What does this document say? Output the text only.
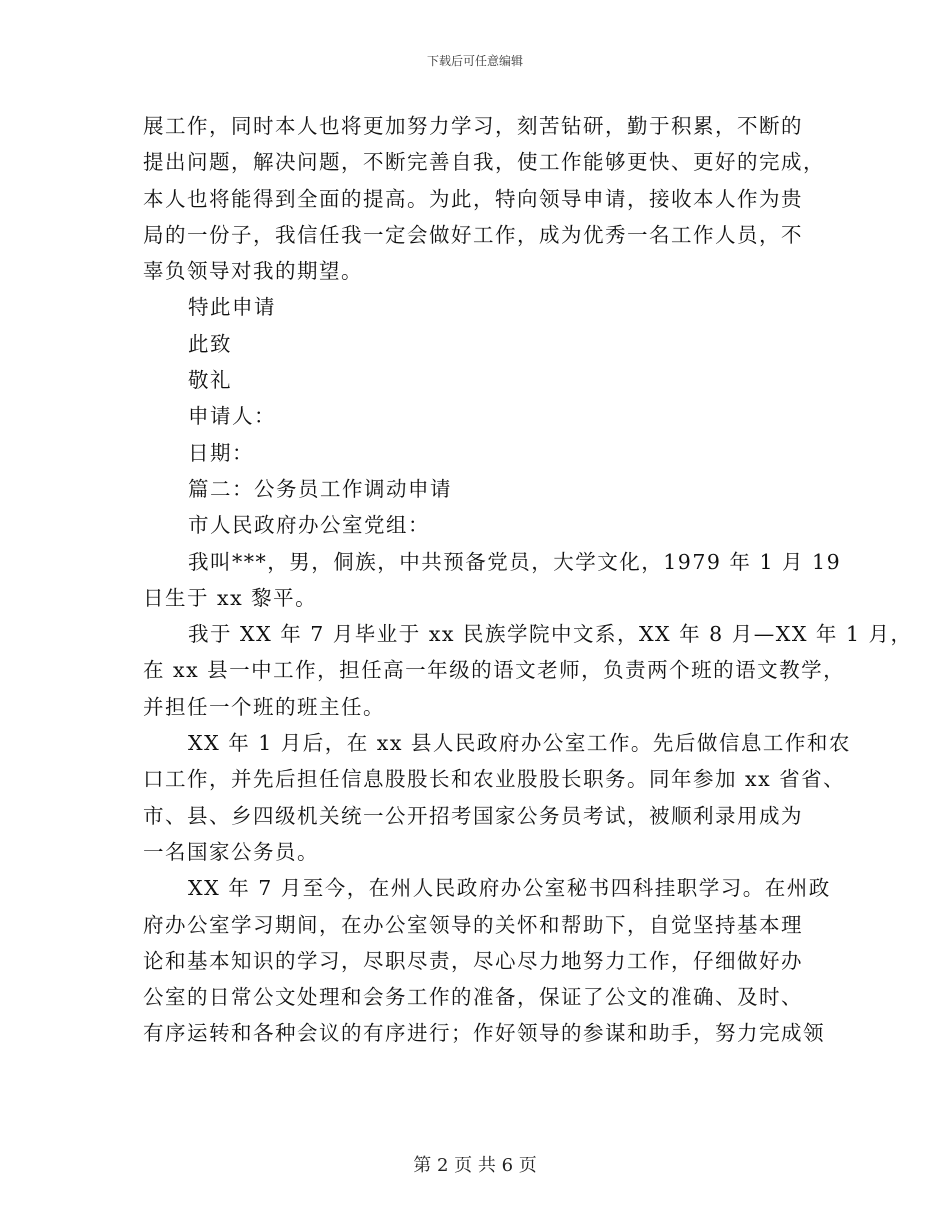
下载后可任意编辑
展工作，同时本人也将更加努力学习，刻苦钻研，勤于积累，不断的
提出问题，解决问题，不断完善自我，使工作能够更快、更好的完成，
本人也将能得到全面的提高。为此，特向领导申请，接收本人作为贵
局的一份子，我信任我一定会做好工作，成为优秀一名工作人员，不
辜负领导对我的期望。
特此申请
此致
敬礼
申请人：
日期：
篇二：公务员工作调动申请
市人民政府办公室党组：
我叫***，男，侗族，中共预备党员，大学文化，1979 年 1 月 19
日生于 xx 黎平。
我于 XX 年 7 月毕业于 xx 民族学院中文系，XX 年 8 月—XX 年 1 月，
在 xx 县一中工作，担任高一年级的语文老师，负责两个班的语文教学，
并担任一个班的班主任。
XX 年 1 月后，在 xx 县人民政府办公室工作。先后做信息工作和农
口工作，并先后担任信息股股长和农业股股长职务。同年参加 xx 省省、
市、县、乡四级机关统一公开招考国家公务员考试，被顺利录用成为
一名国家公务员。
XX 年 7 月至今，在州人民政府办公室秘书四科挂职学习。在州政
府办公室学习期间，在办公室领导的关怀和帮助下，自觉坚持基本理
论和基本知识的学习，尽职尽责，尽心尽力地努力工作，仔细做好办
公室的日常公文处理和会务工作的准备，保证了公文的准确、及时、
有序运转和各种会议的有序进行；作好领导的参谋和助手，努力完成领
第 2 页 共 6 页
